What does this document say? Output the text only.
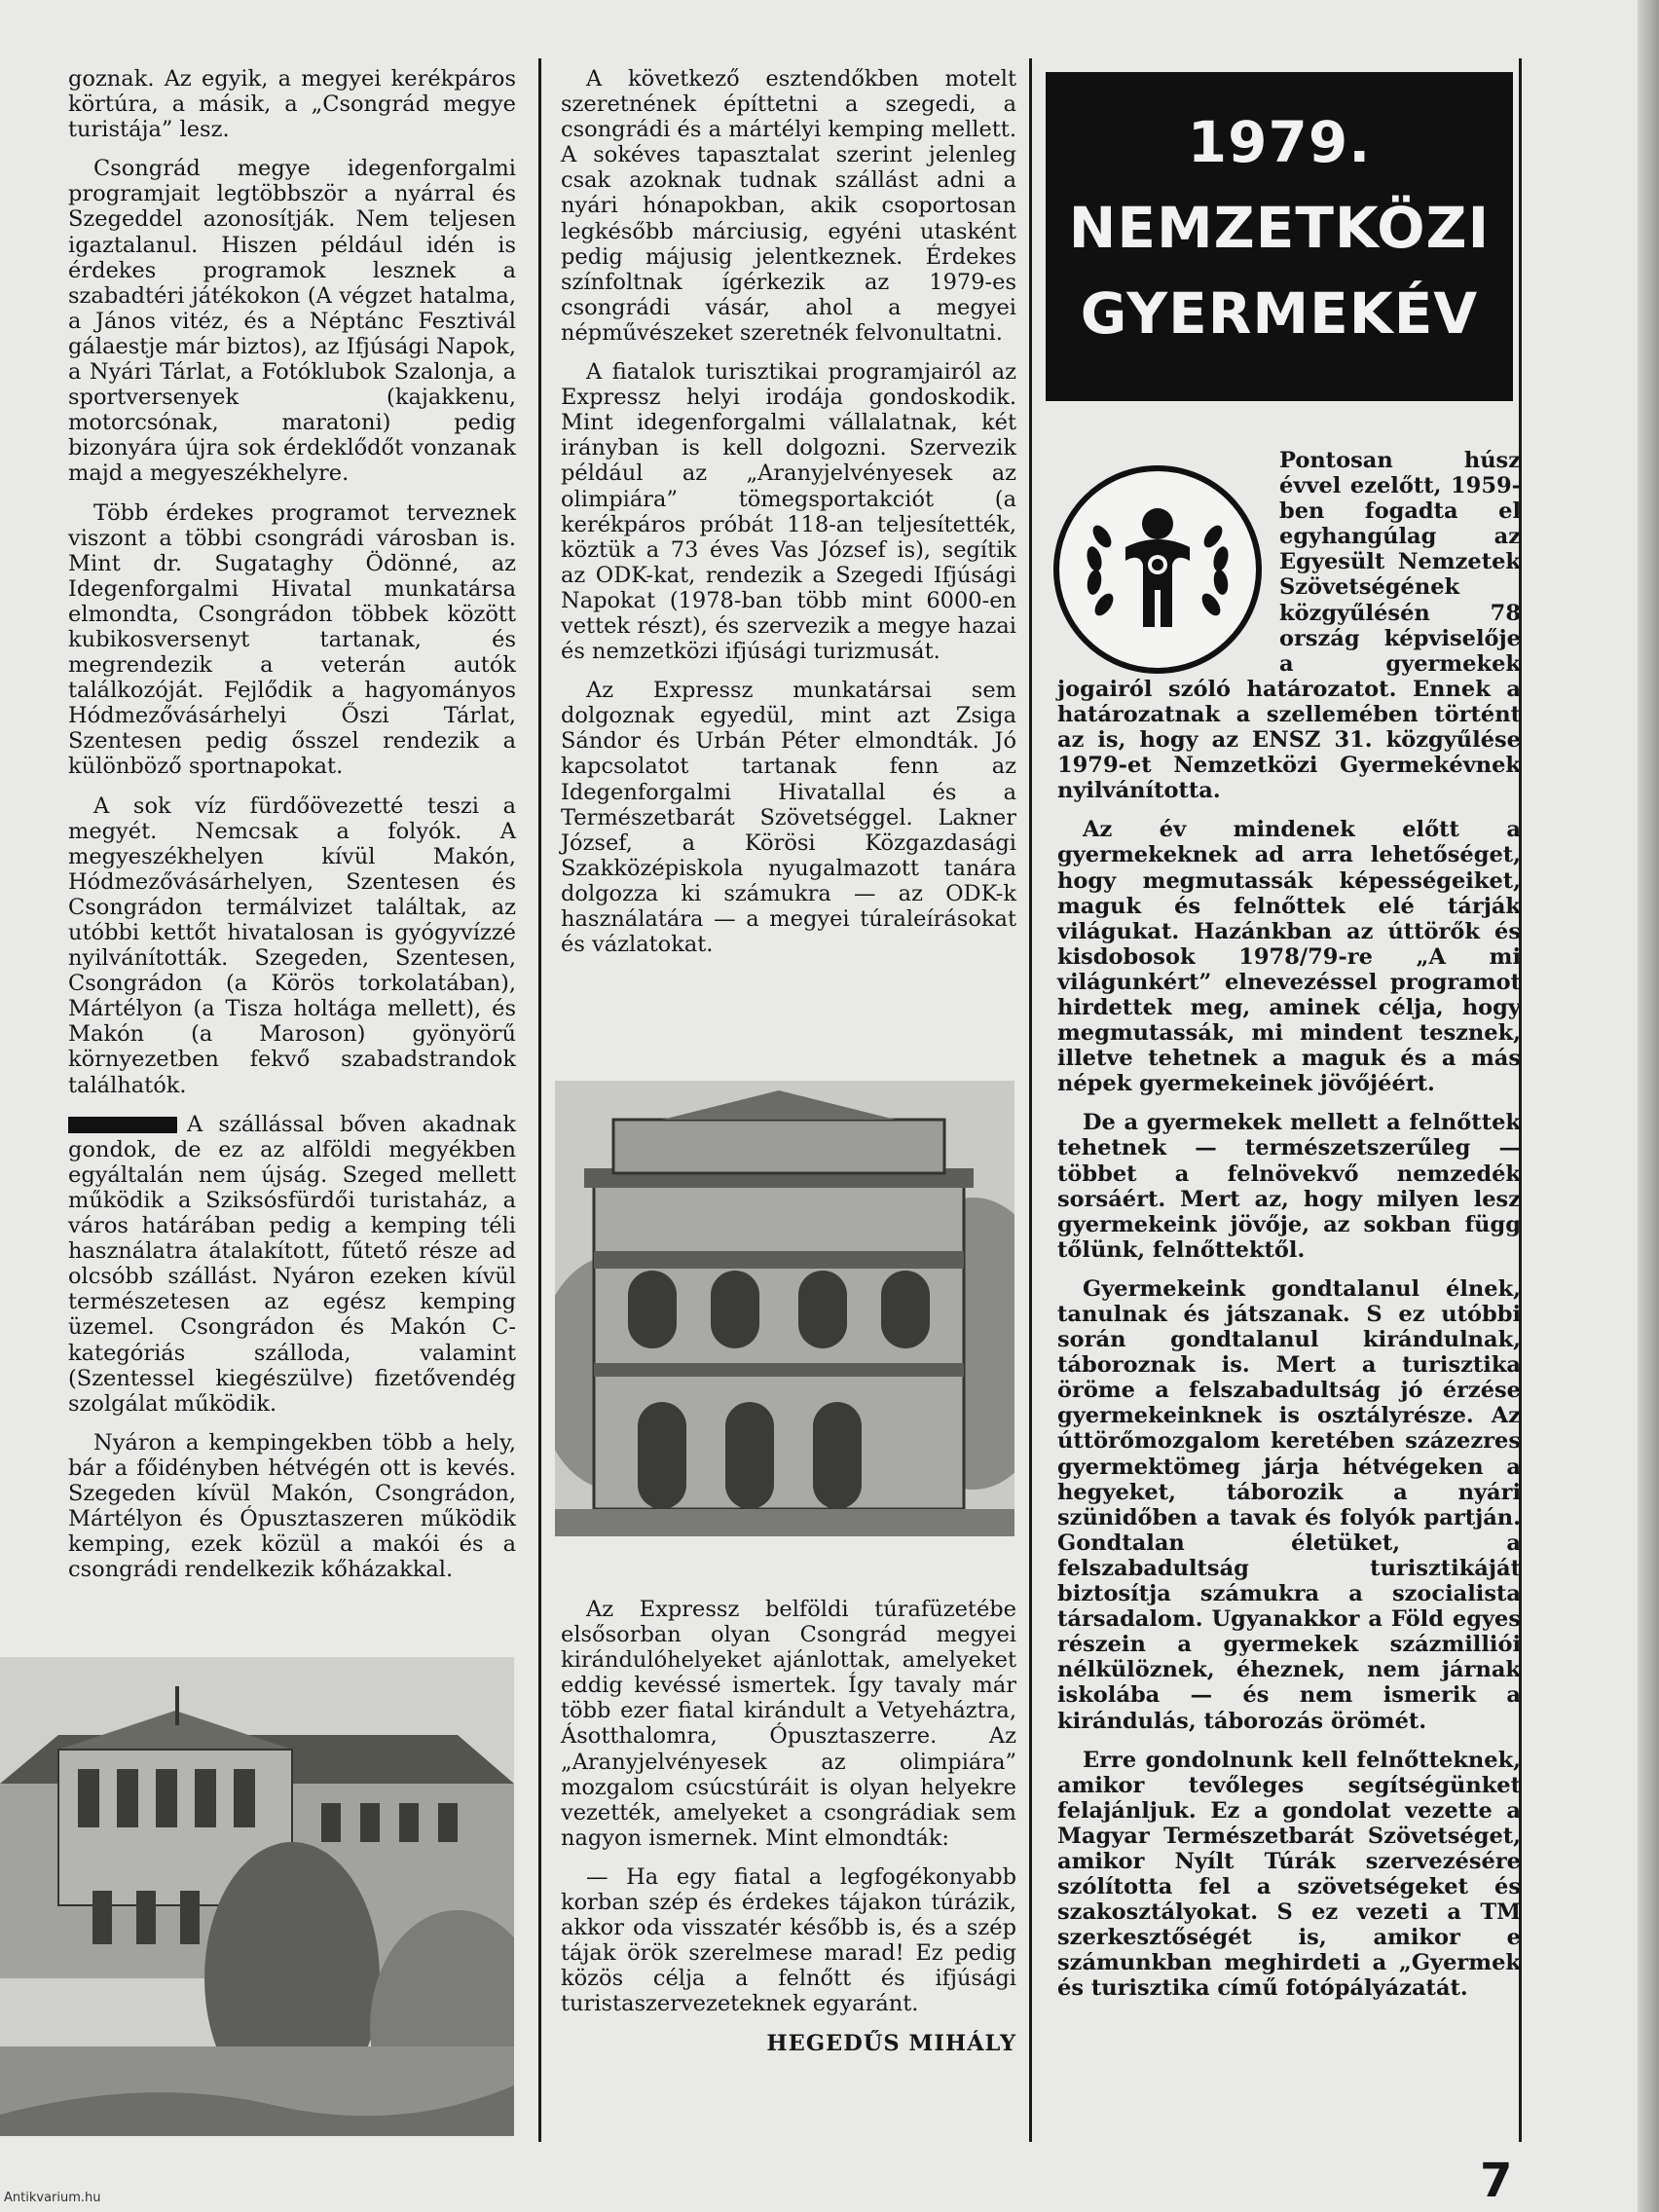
goznak. Az egyik, a megyei kerékpáros körtúra, a másik, a „Csongrád megye turistája” lesz.

Csongrád megye idegenforgalmi programjait legtöbbször a nyárral és Szegeddel azonosítják. Nem teljesen igaztalanul. Hiszen például idén is érdekes programok lesznek a szabadtéri játékokon (A végzet hatalma, a János vitéz, és a Néptánc Fesztivál gálaestje már biztos), az Ifjúsági Napok, a Nyári Tárlat, a Fotóklubok Szalonja, a sportversenyek (kajakkenu, motorcsónak, maratoni) pedig bizonyára újra sok érdeklődőt vonzanak majd a megyeszékhelyre.

Több érdekes programot terveznek viszont a többi csongrádi városban is. Mint dr. Sugataghy Ödönné, az Idegenforgalmi Hivatal munkatársa elmondta, Csongrádon többek között kubikosversenyt tartanak, és megrendezik a veterán autók találkozóját. Fejlődik a hagyományos Hódmezővásárhelyi Őszi Tárlat, Szentesen pedig ősszel rendezik a különböző sportnapokat.

A sok víz fürdőövezetté teszi a megyét. Nemcsak a folyók. A megyeszékhelyen kívül Makón, Hódmezővásárhelyen, Szentesen és Csongrádon termálvizet találtak, az utóbbi kettőt hivatalosan is gyógyvízzé nyilvánították. Szegeden, Szentesen, Csongrádon (a Körös torkolatában), Mártélyon (a Tisza holtága mellett), és Makón (a Maroson) gyönyörű környezetben fekvő szabadstrandok találhatók.

A szállással bőven akadnak gondok, de ez az alföldi megyékben egyáltalán nem újság. Szeged mellett működik a Sziksósfürdői turistaház, a város határában pedig a kemping téli használatra átalakított, fűtető része ad olcsóbb szállást. Nyáron ezeken kívül természetesen az egész kemping üzemel. Csongrádon és Makón C-kategóriás szálloda, valamint (Szentessel kiegészülve) fizetővendég szolgálat működik.

Nyáron a kempingekben több a hely, bár a főidényben hétvégén ott is kevés. Szegeden kívül Makón, Csongrádon, Mártélyon és Ópusztaszeren működik kemping, ezek közül a makói és a csongrádi rendelkezik kőházakkal.

A következő esztendőkben motelt szeretnének építtetni a szegedi, a csongrádi és a mártélyi kemping mellett. A sokéves tapasztalat szerint jelenleg csak azoknak tudnak szállást adni a nyári hónapokban, akik csoportosan legkésőbb márciusig, egyéni utasként pedig májusig jelentkeznek. Érdekes színfoltnak ígérkezik az 1979-es csongrádi vásár, ahol a megyei népművészeket szeretnék felvonultatni.

A fiatalok turisztikai programjairól az Expressz helyi irodája gondoskodik. Mint idegenforgalmi vállalatnak, két irányban is kell dolgozni. Szervezik például az „Aranyjelvényesek az olimpiára” tömegsportakciót (a kerékpáros próbát 118-an teljesítették, köztük a 73 éves Vas József is), segítik az ODK-kat, rendezik a Szegedi Ifjúsági Napokat (1978-ban több mint 6000-en vettek részt), és szervezik a megye hazai és nemzetközi ifjúsági turizmusát.

Az Expressz munkatársai sem dolgoznak egyedül, mint azt Zsiga Sándor és Urbán Péter elmondták. Jó kapcsolatot tartanak fenn az Idegenforgalmi Hivatallal és a Természetbarát Szövetséggel. Lakner József, a Körösi Közgazdasági Szakközépiskola nyugalmazott tanára dolgozza ki számukra — az ODK-k használatára — a megyei túraleírásokat és vázlatokat.

Az Expressz belföldi túrafüzetébe elsősorban olyan Csongrád megyei kirándulóhelyeket ajánlottak, amelyeket eddig kevéssé ismertek. Így tavaly már több ezer fiatal kirándult a Vetyeháztra, Ásotthalomra, Ópusztaszerre. Az „Aranyjelvényesek az olimpiára” mozgalom csúcstúráit is olyan helyekre vezették, amelyeket a csongrádiak sem nagyon ismernek. Mint elmondták:

— Ha egy fiatal a legfogékonyabb korban szép és érdekes tájakon túrázik, akkor oda visszatér később is, és a szép tájak örök szerelmese marad! Ez pedig közös célja a felnőtt és ifjúsági turistaszervezeteknek egyaránt.

HEGEDŰS MIHÁLY

1979.
NEMZETKÖZI
GYERMEKÉV

Pontosan húsz évvel ezelőtt, 1959-ben fogadta el egyhangúlag az Egyesült Nemzetek Szövetségének közgyűlésén 78 ország képviselője a gyermekek jogairól szóló határozatot. Ennek a határozatnak a szellemében történt az is, hogy az ENSZ 31. közgyűlése 1979-et Nemzetközi Gyermekévnek nyilvánította.

Az év mindenek előtt a gyermekeknek ad arra lehetőséget, hogy megmutassák képességeiket, maguk és felnőttek elé tárják világukat. Hazánkban az úttörők és kisdobosok 1978/79-re „A mi világunkért” elnevezéssel programot hirdettek meg, aminek célja, hogy megmutassák, mi mindent tesznek, illetve tehetnek a maguk és a más népek gyermekeinek jövőjéért.

De a gyermekek mellett a felnőttek tehetnek — természetszerűleg — többet a felnövekvő nemzedék sorsáért. Mert az, hogy milyen lesz gyermekeink jövője, az sokban függ tőlünk, felnőttektől.

Gyermekeink gondtalanul élnek, tanulnak és játszanak. S ez utóbbi során gondtalanul kirándulnak, táboroznak is. Mert a turisztika öröme a felszabadultság jó érzése gyermekeinknek is osztályrésze. Az úttörőmozgalom keretében százezres gyermektömeg járja hétvégeken a hegyeket, táborozik a nyári szünidőben a tavak és folyók partján. Gondtalan életüket, a felszabadultság turisztikáját biztosítja számukra a szocialista társadalom. Ugyanakkor a Föld egyes részein a gyermekek százmilliói nélkülöznek, éheznek, nem járnak iskolába — és nem ismerik a kirándulás, táborozás örömét.

Erre gondolnunk kell felnőtteknek, amikor tevőleges segítségünket felajánljuk. Ez a gondolat vezette a Magyar Természetbarát Szövetséget, amikor Nyílt Túrák szervezésére szólította fel a szövetségeket és szakosztályokat. S ez vezeti a TM szerkesztőségét is, amikor e számunkban meghirdeti a „Gyermek és turisztika című fotópályázatát.

7
Antikvarium.hu
